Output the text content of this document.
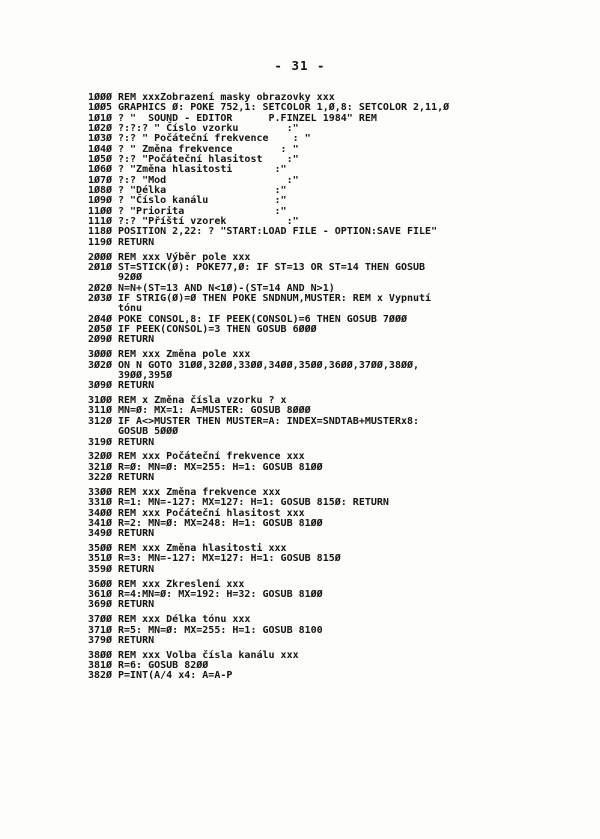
- 31 -
1ØØØ REM xxxZobrazení masky obrazovky xxx
1ØØ5 GRAPHICS Ø: POKE 752,1: SETCOLOR 1,Ø,8: SETCOLOR 2,11,Ø
1Ø1Ø ? "  SOUND - EDITOR      P.FINZEL 1984" REM
1Ø2Ø ?:?:? " Číslo vzorku        :"
1Ø3Ø ?:? " Počáteční frekvence    : "
1Ø4Ø ? " Změna frekvence        : "
1Ø5Ø ?:? "Počáteční hlasitost    :"
1Ø6Ø ? "Změna hlasitosti       :"
1Ø7Ø ?:? "Mod                    :"
1Ø8Ø ? "Délka                  :"
1Ø9Ø ? "Číslo kanálu           :"
11ØØ ? "Priorita               :"
111Ø ?:? "Příští vzorek          :"
118Ø POSITION 2,22: ? "START:LOAD FILE - OPTION:SAVE FILE"
119Ø RETURN
2ØØØ REM xxx Výběr pole xxx
2Ø1Ø ST=STICK(Ø): POKE77,Ø: IF ST=13 OR ST=14 THEN GOSUB
92ØØ
2Ø2Ø N=N+(ST=13 AND N<1Ø)-(ST=14 AND N>1)
2Ø3Ø IF STRIG(Ø)=Ø THEN POKE SNDNUM,MUSTER: REM x Vypnutí
tónu
2Ø4Ø POKE CONSOL,8: IF PEEK(CONSOL)=6 THEN GOSUB 7ØØØ
2Ø5Ø IF PEEK(CONSOL)=3 THEN GOSUB 6ØØØ
2Ø9Ø RETURN
3ØØØ REM xxx Změna pole xxx
3Ø2Ø ON N GOTO 31ØØ,32ØØ,33ØØ,34ØØ,35ØØ,36ØØ,37ØØ,38ØØ,
39ØØ,395Ø
3Ø9Ø RETURN
31ØØ REM x Změna čísla vzorku ? x
311Ø MN=Ø: MX=1: A=MUSTER: GOSUB 8ØØØ
312Ø IF A<>MUSTER THEN MUSTER=A: INDEX=SNDTAB+MUSTERx8:
GOSUB 5ØØØ
319Ø RETURN
32ØØ REM xxx Počáteční frekvence xxx
321Ø R=Ø: MN=Ø: MX=255: H=1: GOSUB 81ØØ
322Ø RETURN
33ØØ REM xxx Změna frekvence xxx
331Ø R=1: MN=-127: MX=127: H=1: GOSUB 815Ø: RETURN
34ØØ REM xxx Počáteční hlasitost xxx
341Ø R=2: MN=Ø: MX=248: H=1: GOSUB 81ØØ
349Ø RETURN
35ØØ REM xxx Změna hlasitosti xxx
351Ø R=3: MN=-127: MX=127: H=1: GOSUB 815Ø
359Ø RETURN
36ØØ REM xxx Zkreslení xxx
361Ø R=4:MN=Ø: MX=192: H=32: GOSUB 81ØØ
369Ø RETURN
37ØØ REM xxx Délka tónu xxx
371Ø R=5: MN=Ø: MX=255: H=1: GOSUB 8100
379Ø RETURN
38ØØ REM xxx Volba čísla kanálu xxx
381Ø R=6: GOSUB 82ØØ
382Ø P=INT(A/4 x4: A=A-P
